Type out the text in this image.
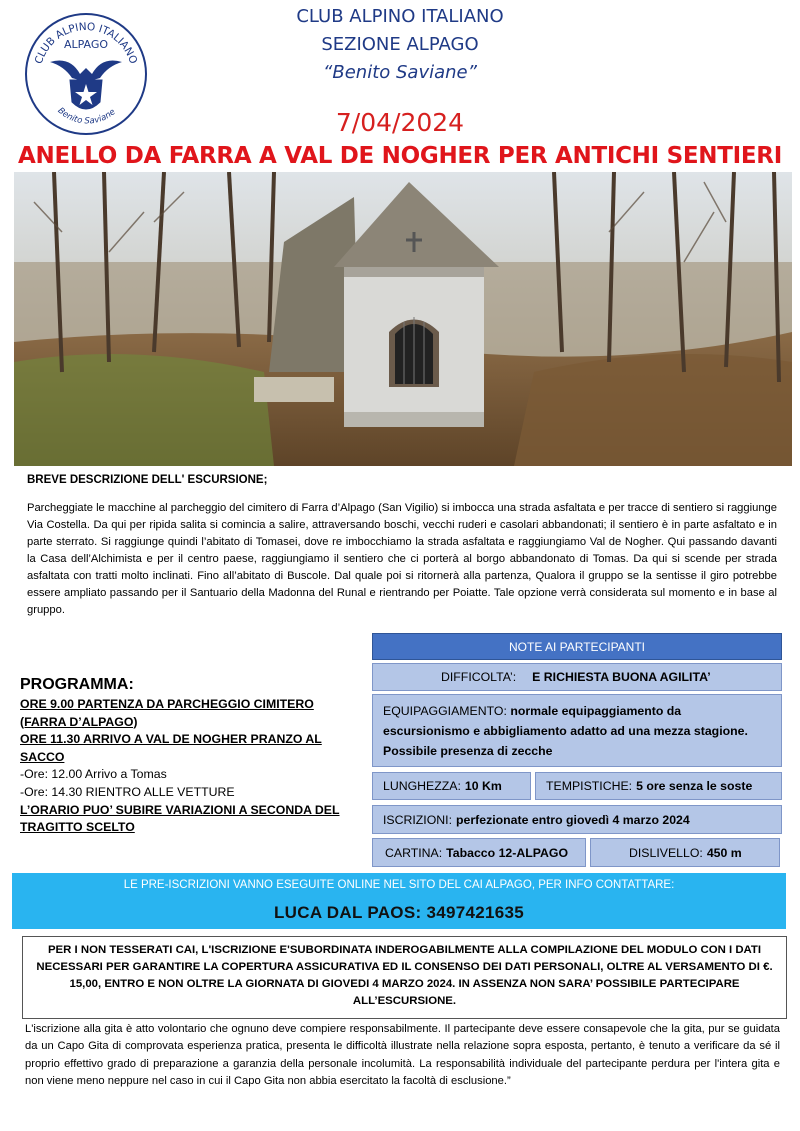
CLUB ALPINO ITALIANO
ALPAGO
Benito Saviane
CLUB ALPINO ITALIANO
SEZIONE ALPAGO
“Benito Saviane”
7/04/2024
ANELLO DA FARRA A VAL DE NOGHER PER ANTICHI SENTIERI
BREVE DESCRIZIONE DELL' ESCURSIONE;
Parcheggiate le macchine al parcheggio del cimitero di Farra d’Alpago (San Vigilio) si imbocca una strada asfaltata e per tracce di sentiero si raggiunge Via Costella. Da qui per ripida salita si comincia a salire, attraversando boschi, vecchi ruderi e casolari abbandonati; il sentiero è in parte asfaltato e in parte sterrato. Si raggiunge quindi l’abitato di Tomasei, dove re imbocchiamo la strada asfaltata e raggiungiamo Val de Nogher. Qui passando davanti la Casa dell’Alchimista e per il centro paese, raggiungiamo il sentiero che ci porterà al borgo abbandonato di Tomas. Da qui si scende per strada asfaltata con tratti molto inclinati. Fino all’abitato di Buscole. Dal quale poi si ritornerà alla partenza, Qualora il gruppo se la sentisse il giro potrebbe essere ampliato passando per il Santuario della Madonna del Runal e rientrando per Poiatte. Tale opzione verrà considerata sul momento e in base al gruppo.
PROGRAMMA:
ORE 9.00 PARTENZA DA PARCHEGGIO CIMITERO (FARRA D’ALPAGO)
ORE 11.30 ARRIVO A VAL DE NOGHER PRANZO AL SACCO
-Ore: 12.00 Arrivo a Tomas
-Ore: 14.30 RIENTRO ALLE VETTURE
L’ORARIO PUO’ SUBIRE VARIAZIONI A SECONDA DEL TRAGITTO SCELTO
NOTE AI PARTECIPANTI
DIFFICOLTA’: E RICHIESTA BUONA AGILITA’
EQUIPAGGIAMENTO: normale equipaggiamento da escursionismo e abbigliamento adatto ad una mezza stagione. Possibile presenza di zecche
LUNGHEZZA: 10 Km	TEMPISTICHE: 5 ore senza le soste
ISCRIZIONI: perfezionate entro giovedì 4 marzo 2024
CARTINA: Tabacco 12-ALPAGO	DISLIVELLO: 450 m
LE PRE-ISCRIZIONI VANNO ESEGUITE ONLINE NEL SITO DEL CAI ALPAGO, PER INFO CONTATTARE:
LUCA DAL PAOS: 3497421635
PER I NON TESSERATI CAI, L'ISCRIZIONE E'SUBORDINATA INDEROGABILMENTE ALLA COMPILAZIONE DEL MODULO CON I DATI NECESSARI PER GARANTIRE LA COPERTURA ASSICURATIVA ED IL CONSENSO DEI DATI PERSONALI, OLTRE AL VERSAMENTO DI €. 15,00, ENTRO E NON OLTRE LA GIORNATA DI GIOVEDI 4 MARZO 2024. IN ASSENZA NON SARA’ POSSIBILE PARTECIPARE ALL’ESCURSIONE.
L'iscrizione alla gita è atto volontario che ognuno deve compiere responsabilmente. Il partecipante deve essere consapevole che la gita, pur se guidata da un Capo Gita di comprovata esperienza pratica, presenta le difficoltà illustrate nella relazione sopra esposta, pertanto, è tenuto a verificare da sé il proprio effettivo grado di preparazione a garanzia della personale incolumità. La responsabilità individuale del partecipante perdura per l'intera gita e non viene meno neppure nel caso in cui il Capo Gita non abbia esercitato la facoltà di esclusione.”
